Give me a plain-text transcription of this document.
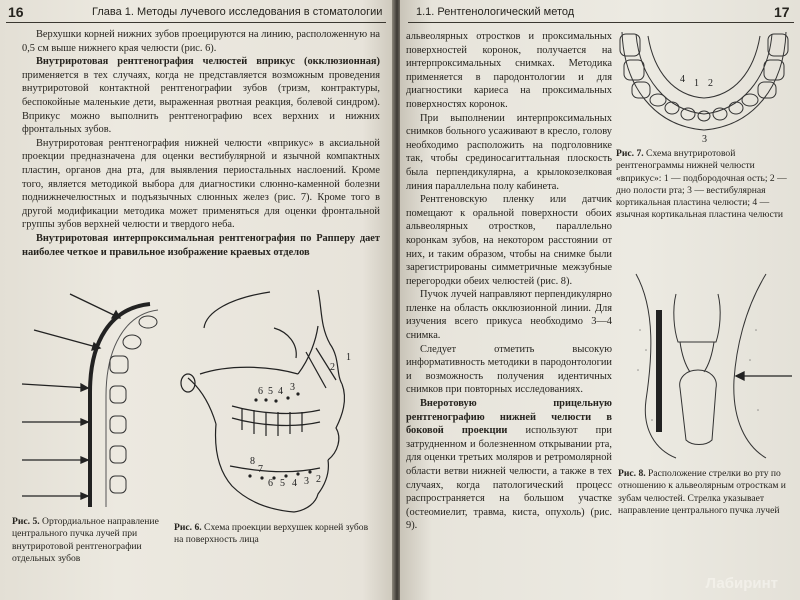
16	Глава 1. Методы лучевого исследования в стоматологии

Верхушки корней нижних зубов проецируются на линию, расположенную на 0,5 см выше нижнего края челюсти (рис. 6).

Внутриротовая рентгенография челюстей вприкус (окклюзионная) применяется в тех случаях, когда не представляется возможным проведения внутриротовой контактной рентгенографии зубов (тризм, контрактуры, беспокойные маленькие дети, выраженная рвотная реакция, болевой синдром). Вприкус можно выполнить рентгенографию всех верхних и нижних фронтальных зубов.

Внутриротовая рентгенография нижней челюсти «вприкус» в аксиальной проекции предназначена для оценки вестибулярной и язычной компактных пластин, органов дна рта, для выявления периостальных наслоений. Кроме того, является методикой выбора для диагностики слюнно-каменной болезни поднижнечелюстных и подъязычных слюнных желез (рис. 7). Кроме того в другой модификации методика может применяться для оценки фронтальной группы зубов верхней челюсти и твердого неба.

Внутриротовая интерпроксимальная рентгенография по Рапперу дает наиболее четкое и правильное изображение краевых отделов

6 5 4 3
8
7
6 5 4 3 2
1
2

Рис. 5. Ортордиальное направление центрального пучка лучей при внутриротовой рентгенографии отдельных зубов

Рис. 6. Схема проекции верхушек корней зубов на поверхность лица

1.1. Рентгенологический метод	17

альвеолярных отростков и проксимальных поверхностей коронок, получается на интерпроксимальных снимках. Методика применяется в пародонтологии и для диагностики кариеса на проксимальных поверхностях коронок.

При выполнении интерпроксимальных снимков больного усаживают в кресло, голову необходимо расположить на подголовнике так, чтобы срединосагиттальная плоскость была перпендикулярна, а крылокозелковая линия параллельна полу кабинета.

Рентгеновскую пленку или датчик помещают к оральной поверхности обоих альвеолярных отростков, параллельно коронкам зубов, на некотором расстоянии от них, и таким образом, чтобы на снимке были зарегистрированы симметричные межзубные перегородки обеих челюстей (рис. 8).

Пучок лучей направляют перпендикулярно пленке на область окклюзионной линии. Для изучения всего прикуса необходимо 3—4 снимка.

Следует отметить высокую информативность методики в пародонтологии и возможность получения идентичных снимков при повторных исследованиях.

Внеротовую прицельную рентгенографию нижней челюсти в боковой проекции используют при затрудненном и болезненном открывании рта, для оценки третьих моляров и ретромолярной области ветви нижней челюсти, а также в тех случаях, когда патологический процесс распространяется на большом участке (остеомиелит, травма, киста, опухоль) (рис. 9).

1 2
4
3

Рис. 7. Схема внутриротовой рентгенограммы нижней челюсти «вприкус»: 1 — подбородочная ость; 2 — дно полости рта; 3 — вестибулярная кортикальная пластина челюсти; 4 — язычная кортикальная пластина челюсти

Рис. 8. Расположение стрелки во рту по отношению к альвеолярным отросткам и зубам челюстей. Стрелка указывает направление центрального пучка лучей

Лабиринт
